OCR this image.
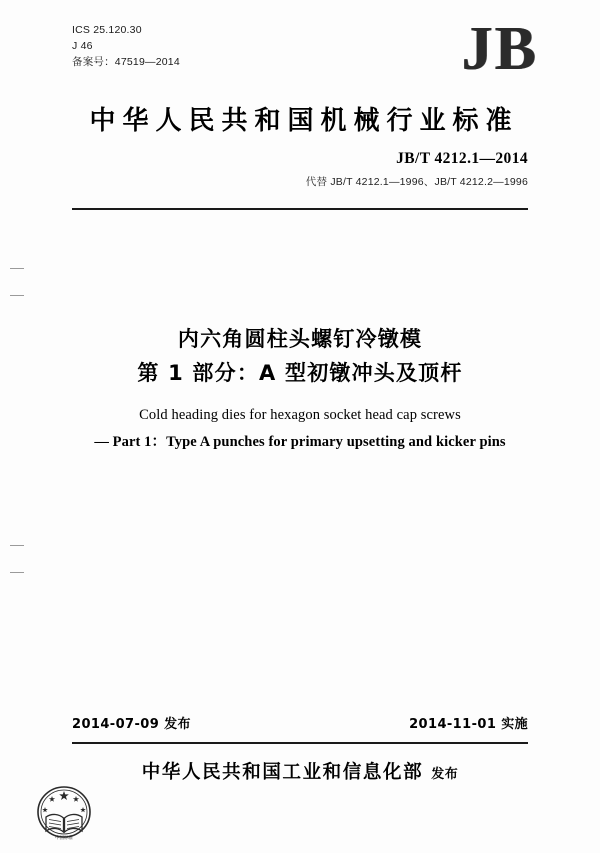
ICS 25.120.30
J 46
备案号：47519—2014	JB
中华人民共和国机械行业标准
JB/T 4212.1—2014
代替 JB/T 4212.1—1996、JB/T 4212.2—1996
内六角圆柱头螺钉冷镦模
第 1 部分：A 型初镦冲头及顶杆
Cold heading dies for hexagon socket head cap screws
— Part 1：Type A punches for primary upsetting and kicker pins
2014-07-09 发布	2014-11-01 实施
中华人民共和国工业和信息化部 发布
中国标准
